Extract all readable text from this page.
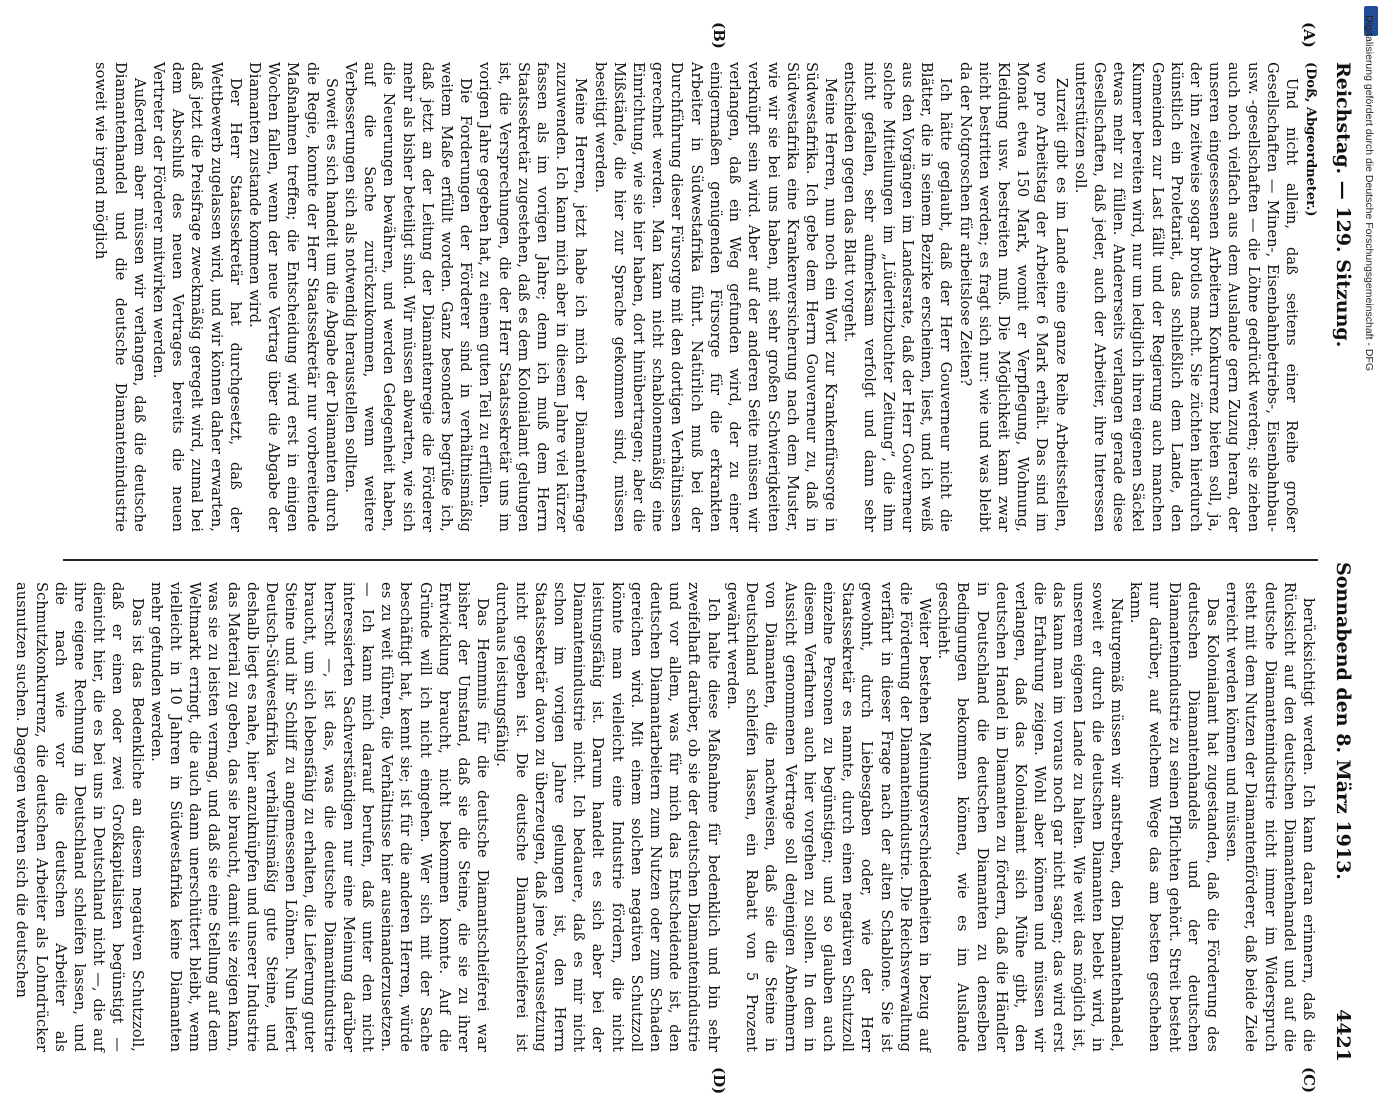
Reichstag. — 129. Sitzung.
Sonnabend den 8. März 1913.
4421
(Doß, Abgeordneter.)

Und nicht allein, daß seitens einer Reihe großer Gesellschaften — Minen-, Eisenbahnbetriebs-, Eisenbahnbau- usw. -gesellschaften — die Löhne gedrückt werden; sie ziehen auch noch vielfach aus dem Auslande gern Zuzug heran, der unseren eingesessenen Arbeitern Konkurrenz bieten soll, ja, der ihn zeitweise sogar brotlos macht. Sie züchten hierdurch künstlich ein Proletariat, das schließlich dem Lande, den Gemeinden zur Last fällt und der Regierung auch manchen Kummer bereiten wird, nur um lediglich ihren eigenen Säckel etwas mehr zu füllen. Andererseits verlangen gerade diese Gesellschaften, daß jeder, auch der Arbeiter, ihre Interessen unterstützen soll.

Zurzeit gibt es im Lande eine ganze Reihe Arbeitsstellen, wo pro Arbeitstag der Arbeiter 6 Mark erhält. Das sind im Monat etwa 150 Mark, womit er Verpflegung, Wohnung, Kleidung usw. bestreiten muß. Die Möglichkeit kann zwar nicht bestritten werden; es fragt sich nur: wie und was bleibt da der Notgroschen für arbeitslose Zeiten?

Ich hätte geglaubt, daß der Herr Gouverneur nicht die Blätter, die in seinem Bezirke erscheinen, liest, und ich weiß aus den Vorgängen im Landesrate, daß der Herr Gouverneur solche Mitteilungen im „Lüderitzbuchter Zeitung“, die ihm nicht gefallen, sehr aufmerksam verfolgt und dann sehr entschieden gegen das Blatt vorgeht.

Meine Herren, nun noch ein Wort zur Krankenfürsorge in Südwestafrika. Ich gebe dem Herrn Gouverneur zu, daß in Südwestafrika eine Krankenversicherung nach dem Muster, wie wir sie bei uns haben, mit sehr großen Schwierigkeiten verknüpft sein wird. Aber auf der anderen Seite müssen wir verlangen, daß ein Weg gefunden wird, der zu einer einigermaßen genügenden Fürsorge für die erkrankten Arbeiter in Südwestafrika führt. Natürlich muß bei der Durchführung dieser Fürsorge mit den dortigen Verhältnissen gerechnet werden. Man kann nicht schablonenmäßig eine Einrichtung, wie sie hier haben, dort hinübertragen; aber die Mißstände, die hier zur Sprache gekommen sind, müssen beseitigt werden.

Meine Herren, jetzt habe ich mich der Diamantenfrage zuzuwenden. Ich kann mich aber in diesem Jahre viel kürzer fassen als im vorigen Jahre; denn ich muß dem Herrn Staatssekretär zugestehen, daß es dem Kolonialamt gelungen ist, die Versprechungen, die der Herr Staatssekretär uns im vorigen Jahre gegeben hat, zu einem guten Teil zu erfüllen.

Die Forderungen der Förderer sind in verhältnismäßig weitem Maße erfüllt worden. Ganz besonders begrüße ich, daß jetzt an der Leitung der Diamantenregie die Förderer mehr als bisher beteiligt sind. Wir müssen abwarten, wie sich die Neuerungen bewähren, und werden Gelegenheit haben, auf die Sache zurückzukommen, wenn weitere Verbesserungen sich als notwendig herausstellen sollten.

Soweit es sich handelt um die Abgabe der Diamanten durch die Regie, konnte der Herr Staatssekretär nur vorbereitende Maßnahmen treffen; die Entscheidung wird erst in einigen Wochen fallen, wenn der neue Vertrag über die Abgabe der Diamanten zustande kommen wird.

Der Herr Staatssekretär hat durchgesetzt, daß der Wettbewerb zugelassen wird, und wir können daher erwarten, daß jetzt die Preisfrage zweckmäßig geregelt wird, zumal bei dem Abschluß des neuen Vertrages bereits die neuen Vertreter der Förderer mitwirken werden.

Außerdem aber müssen wir verlangen, daß die deutsche Diamantenhandel und die deutsche Diamantenindustrie soweit wie irgend möglich

berücksichtigt werden. Ich kann daran erinnern, daß die Rücksicht auf den deutschen Diamantenhandel und auf die deutsche Diamantenindustrie nicht immer im Widerspruch steht mit dem Nutzen der Diamantenförderer, daß beide Ziele erreicht werden können und müssen.

Das Kolonialamt hat zugestanden, daß die Förderung des deutschen Diamantenhandels und der deutschen Diamantenindustrie zu seinen Pflichten gehört. Streit besteht nur darüber, auf welchem Wege das am besten geschehen kann.

Naturgemäß müssen wir anstreben, den Diamantenhandel, soweit er durch die deutschen Diamanten belebt wird, in unserem eigenen Lande zu halten. Wie weit das möglich ist, das kann man im voraus noch gar nicht sagen; das wird erst die Erfahrung zeigen. Wohl aber können und müssen wir verlangen, daß das Kolonialamt sich Mühe gibt, den deutschen Handel in Diamanten zu fördern, daß die Händler in Deutschland die deutschen Diamanten zu denselben Bedingungen bekommen können, wie es im Auslande geschieht.

Weiter bestehen Meinungsverschiedenheiten in bezug auf die Förderung der Diamantenindustrie. Die Reichsverwaltung verfährt in dieser Frage nach der alten Schablone. Sie ist gewohnt, durch Liebesgaben oder, wie der Herr Staatssekretär es nannte, durch einen negativen Schutzzoll einzelne Personen zu begünstigen; und so glauben auch diesem Verfahren auch hier vorgehen zu sollen. In dem in Aussicht genommenen Vertrage soll denjenigen Abnehmern von Diamanten, die nachweisen, daß sie die Steine in Deutschland schleifen lassen, ein Rabatt von 5 Prozent gewährt werden.

Ich halte diese Maßnahme für bedenklich und bin sehr zweifelhaft darüber, ob sie der deutschen Diamantenindustrie und vor allem, was für mich das Entscheidende ist, den deutschen Diamantarbeitern zum Nutzen oder zum Schaden gereichen wird. Mit einem solchen negativen Schutzzoll könnte man vielleicht eine Industrie fördern, die nicht leistungsfähig ist. Darum handelt es sich aber bei der Diamantenindustrie nicht. Ich bedauere, daß es mir nicht schon im vorigen Jahre gelungen ist, den Herrn Staatssekretär davon zu überzeugen, daß jene Voraussetzung nicht gegeben ist. Die deutsche Diamantschleiferei ist durchaus leistungsfähig.

Das Hemmnis für die deutsche Diamantschleiferei war bisher der Umstand, daß sie die Steine, die sie zu ihrer Entwicklung braucht, nicht bekommen konnte. Auf die Gründe will ich nicht eingehen. Wer sich mit der Sache beschäftigt hat, kennt sie; ist für die anderen Herren, würde es zu weit führen, die Verhältnisse hier auseinanderzusetzen. — Ich kann mich darauf berufen, daß unter den nicht interessierten Sachverständigen nur eine Meinung darüber herrscht —, ist das, was die deutsche Diamantindustrie braucht, um sich lebensfähig zu erhalten, die Lieferung guter Steine und ihr Schliff zu angemessenen Löhnen. Nun liefert Deutsch-Südwestafrika verhältnismäßig gute Steine, und deshalb liegt es nahe, hier anzuknüpfen und unserer Industrie das Material zu geben, das sie braucht, damit sie zeigen kann, was sie zu leisten vermag, und daß sie eine Stellung auf dem Weltmarkt erringt, die auch dann unerschüttert bleibt, wenn vielleicht in 10 Jahren in Südwestafrika keine Diamanten mehr gefunden werden.

Das ist das Bedenkliche an diesem negativen Schutzzoll, daß er einen oder zwei Großkapitalisten begünstigt — dienicht hier, die es bei uns in Deutschland nicht —, die auf ihre eigene Rechnung in Deutschland schleifen lassen, und die nach wie vor die deutschen Arbeiter als Schmutzkonkurrenz, die deutschen Arbeiter als Lohndrücker ausnutzen suchen. Dagegen wehren sich die deutschen

(A)
(B)
(C)
(D)
Digitalisierung gefördert durch die Deutsche Forschungsgemeinschaft - DFG
